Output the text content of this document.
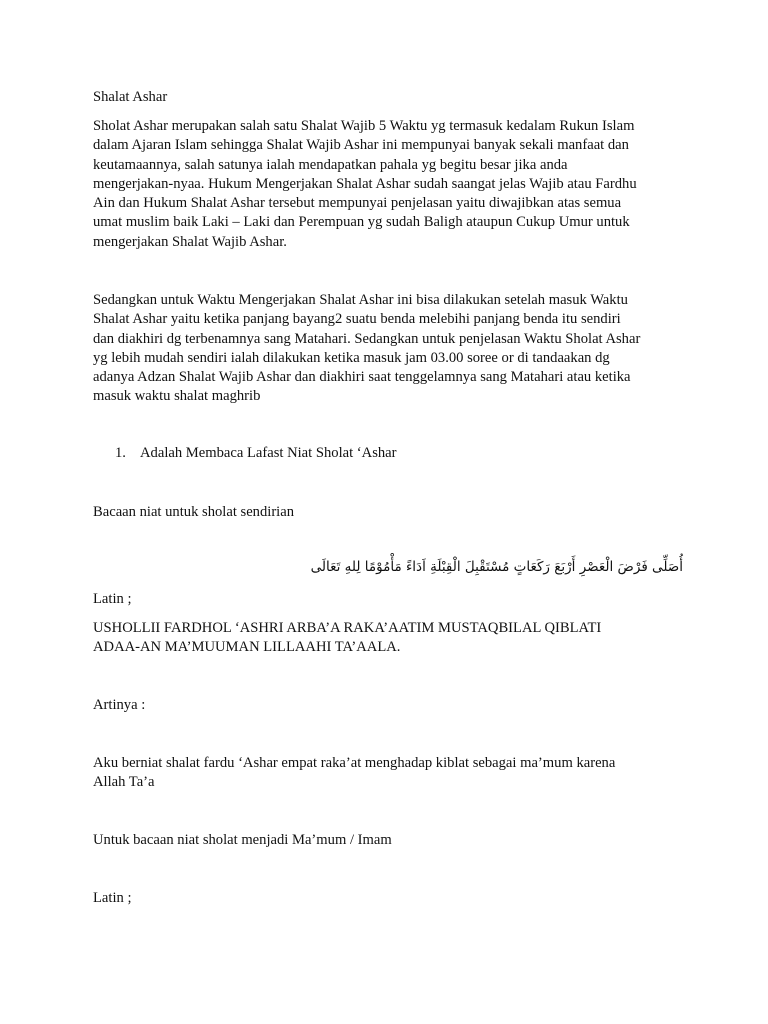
Shalat Ashar

Sholat Ashar merupakan salah satu Shalat Wajib 5 Waktu yg termasuk kedalam Rukun Islam
dalam Ajaran Islam sehingga Shalat Wajib Ashar ini mempunyai banyak sekali manfaat dan
keutamaannya, salah satunya ialah mendapatkan pahala yg begitu besar jika anda
mengerjakan-nyaa. Hukum Mengerjakan Shalat Ashar sudah saangat jelas Wajib atau Fardhu
Ain dan Hukum Shalat Ashar tersebut mempunyai penjelasan yaitu diwajibkan atas semua
umat muslim baik Laki – Laki dan Perempuan yg sudah Baligh ataupun Cukup Umur untuk
mengerjakan Shalat Wajib Ashar.

Sedangkan untuk Waktu Mengerjakan Shalat Ashar ini bisa dilakukan setelah masuk Waktu
Shalat Ashar yaitu ketika panjang bayang2 suatu benda melebihi panjang benda itu sendiri
dan diakhiri dg terbenamnya sang Matahari. Sedangkan untuk penjelasan Waktu Sholat Ashar
yg lebih mudah sendiri ialah dilakukan ketika masuk jam 03.00 soree or di tandaakan dg
adanya Adzan Shalat Wajib Ashar dan diakhiri saat tenggelamnya sang Matahari atau ketika
masuk waktu shalat maghrib

1. Adalah Membaca Lafast Niat Sholat ‘Ashar

Bacaan niat untuk sholat sendirian

أُصَلِّى فَرْضَ الْعَصْرِ أَرْبَعَ رَكَعَاتٍ مُسْتَقْبِلَ الْقِبْلَةِ اَدَاءً مَأْمُوْمًا لِلهِ تَعَالَى

Latin ;

USHOLLII FARDHOL ‘ASHRI ARBA’A RAKA’AATIM MUSTAQBILAL QIBLATI
ADAA-AN MA’MUUMAN LILLAAHI TA’AALA.

Artinya :

Aku berniat shalat fardu ‘Ashar empat raka’at menghadap kiblat sebagai ma’mum karena
Allah Ta’a

Untuk bacaan niat sholat menjadi Ma’mum / Imam

Latin ;
